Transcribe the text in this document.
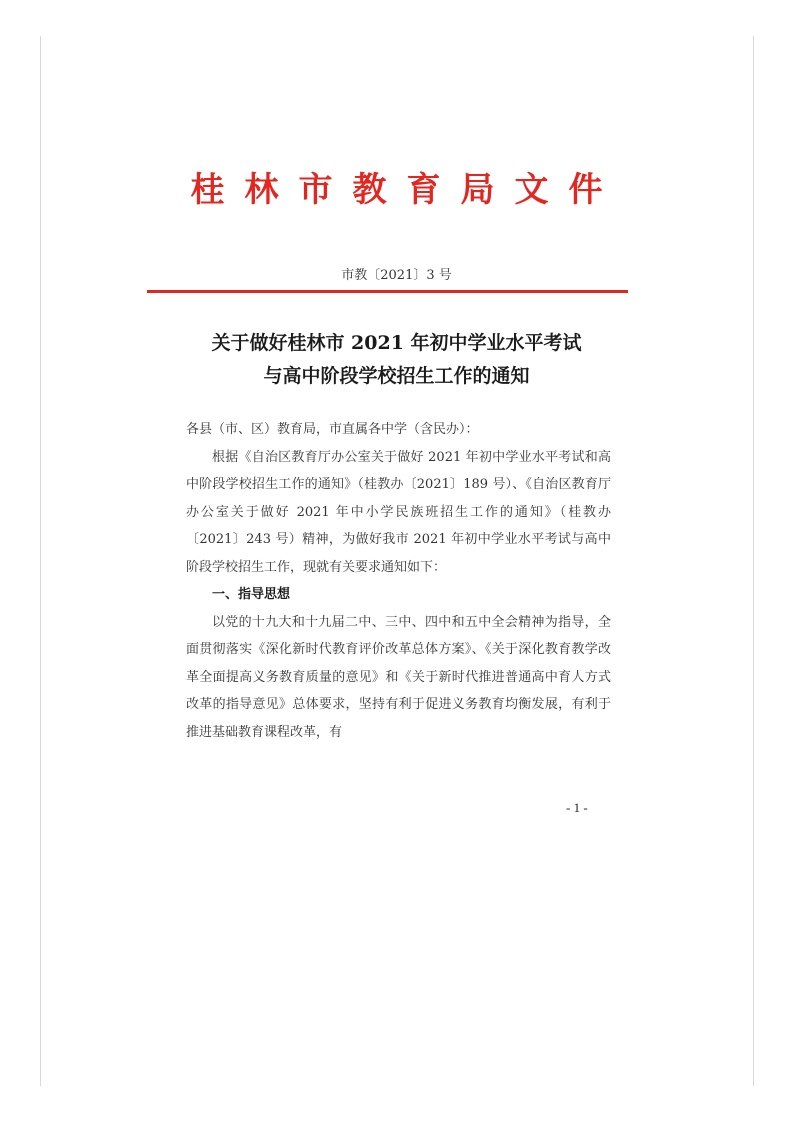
桂林市教育局文件
市教〔2021〕3 号
关于做好桂林市 2021 年初中学业水平考试
与高中阶段学校招生工作的通知

各县（市、区）教育局，市直属各中学（含民办）：

根据《自治区教育厅办公室关于做好 2021 年初中学业水平考试和高中阶段学校招生工作的通知》（桂教办〔2021〕189 号）、《自治区教育厅办公室关于做好 2021 年中小学民族班招生工作的通知》（桂教办〔2021〕243 号）精神，为做好我市 2021 年初中学业水平考试与高中阶段学校招生工作，现就有关要求通知如下：

一、指导思想

以党的十九大和十九届二中、三中、四中和五中全会精神为指导，全面贯彻落实《深化新时代教育评价改革总体方案》、《关于深化教育教学改革全面提高义务教育质量的意见》和《关于新时代推进普通高中育人方式改革的指导意见》总体要求，坚持有利于促进义务教育均衡发展，有利于推进基础教育课程改革，有

- 1 -
